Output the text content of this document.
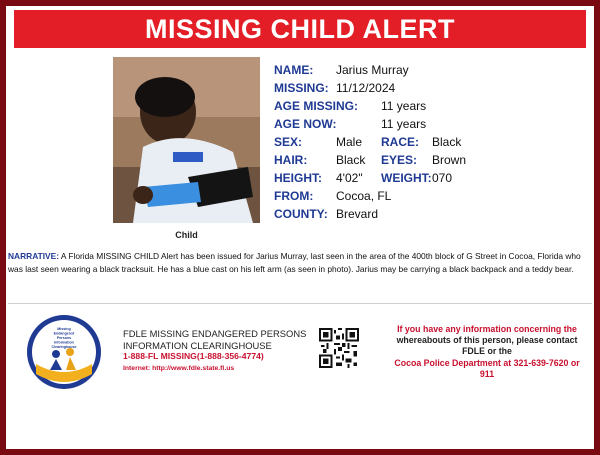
MISSING CHILD ALERT
Child
NAME: Jarius Murray
MISSING: 11/12/2024
AGE MISSING: 11 years
AGE NOW:	11 years
SEX:	Male RACE: Black
HAIR: Black EYES: Brown
HEIGHT: 4'02" WEIGHT: 070
FROM: Cocoa, FL
COUNTY: Brevard
NARRATIVE: A Florida MISSING CHILD Alert has been issued for Jarius Murray, last seen in the area of the 400th block of G Street in Cocoa, Florida who was last seen wearing a black tracksuit. He has a blue cast on his left arm (as seen in photo). Jarius may be carrying a black backpack and a teddy bear.
Missing
Endangered
Persons
Information
Clearinghouse
FDLE MISSING ENDANGERED PERSONS
INFORMATION CLEARINGHOUSE
1-888-FL MISSING(1-888-356-4774)
Internet: http://www.fdle.state.fl.us
If you have any information concerning the
whereabouts of this person, please contact
FDLE or the
Cocoa Police Department at 321-639-7620 or
911
